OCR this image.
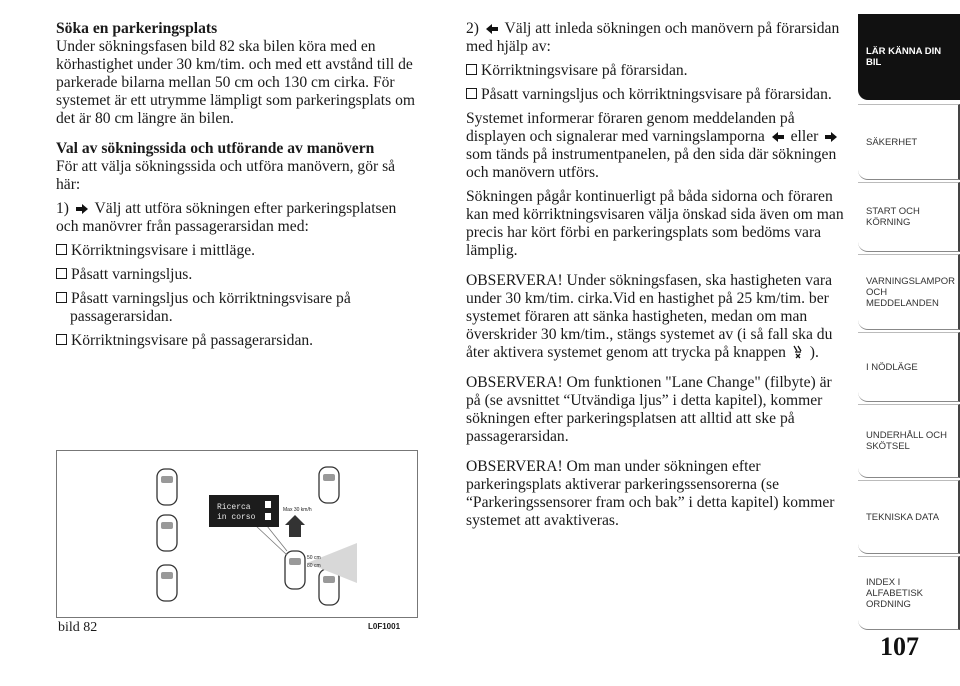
Söka en parkeringsplats

Under sökningsfasen bild 82 ska bilen köra med en körhastighet under 30 km/tim. och med ett avstånd till de parkerade bilarna mellan 50 cm och 130 cm cirka. För systemet är ett utrymme lämpligt som parkeringsplats om det är 80 cm längre än bilen.

Val av sökningssida och utförande av manövern

För att välja sökningssida och utföra manövern, gör så här:

1) Välj att utföra sökningen efter parkeringsplatsen och manövrer från passagerarsidan med:

Körriktningsvisare i mittläge.

Påsatt varningsljus.

Påsatt varningsljus och körriktningsvisare på passagerarsidan.

Körriktningsvisare på passagerarsidan.

Ricerca
in corso
Max 30 km/h
50 cm
80 cm
bild 82	L0F1001

2) Välj att inleda sökningen och manövern på förarsidan med hjälp av:

Körriktningsvisare på förarsidan.

Påsatt varningsljus och körriktningsvisare på förarsidan.

Systemet informerar föraren genom meddelanden på displayen och signalerar med varningslamporna eller  som tänds på instrumentpanelen, på den sida där sökningen och manövern utförs.

Sökningen pågår kontinuerligt på båda sidorna och föraren kan med körriktningsvisaren välja önskad sida även om man precis har kört förbi en parkeringsplats som bedöms vara lämplig.

OBSERVERA! Under sökningsfasen, ska hastigheten vara under 30 km/tim. cirka.Vid en hastighet på 25 km/tim. ber systemet föraren att sänka hastigheten, medan om man överskrider 30 km/tim., stängs systemet av (i så fall ska du åter aktivera systemet genom att trycka på knappen ).

OBSERVERA! Om funktionen "Lane Change" (filbyte) är på (se avsnittet “Utvändiga ljus” i detta kapitel), kommer sökningen efter parkeringsplatsen att alltid att ske på passagerarsidan.

OBSERVERA! Om man under sökningen efter parkeringsplats aktiverar parkeringssensorerna (se “Parkeringssensorer fram och bak” i detta kapitel) kommer systemet att avaktiveras.

LÄR KÄNNA DIN BIL
SÄKERHET
START OCH KÖRNING
VARNINGSLAMPOR OCH MEDDELANDEN
I NÖDLÄGE
UNDERHÅLL OCH SKÖTSEL
TEKNISKA DATA
INDEX I ALFABETISK ORDNING
107
